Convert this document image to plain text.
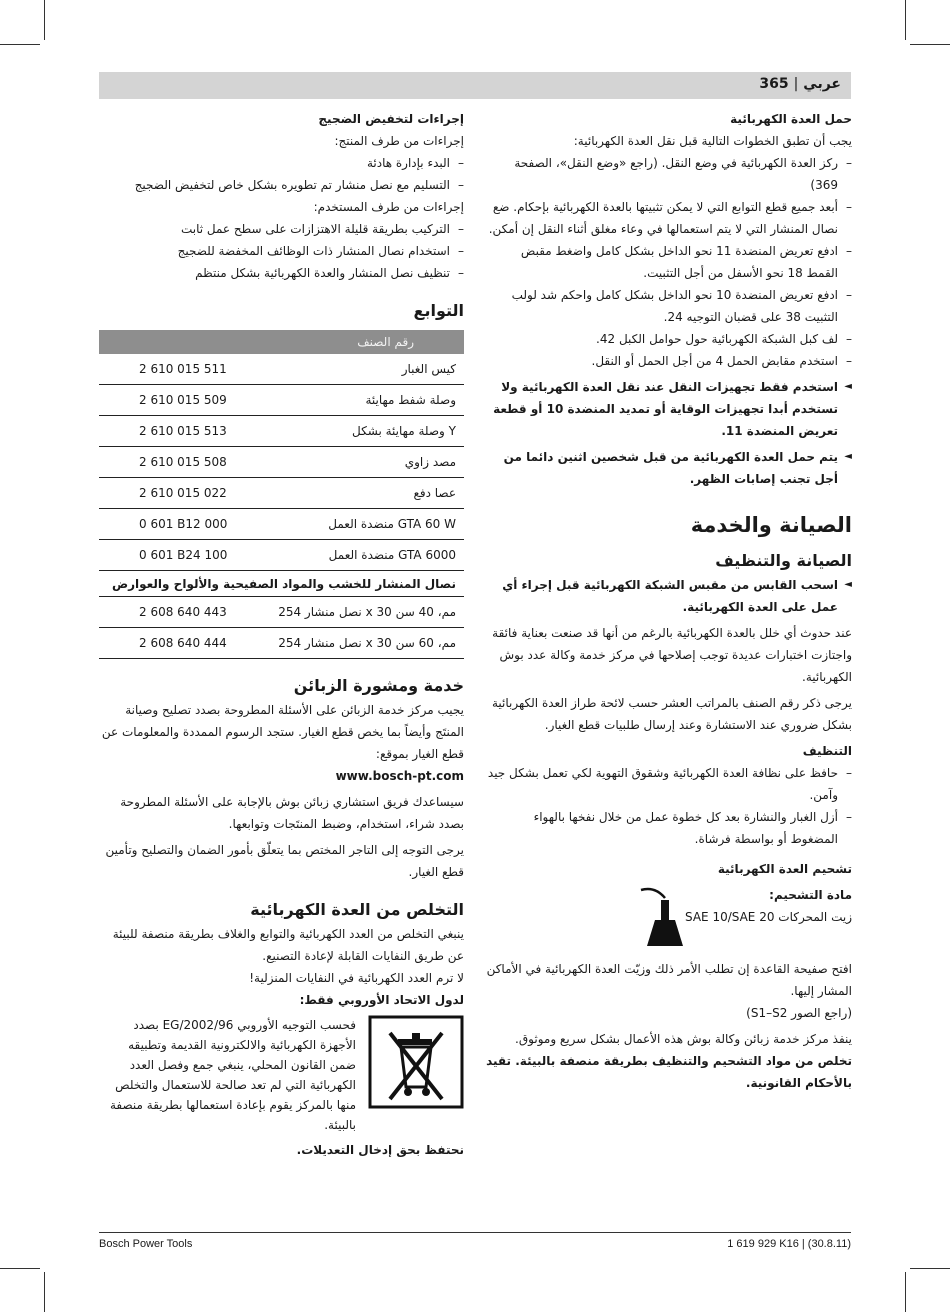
عربي|365
حمل العدة الكهربائية
يجب أن تطبق الخطوات التالية قبل نقل العدة الكهربائية:
– ركز العدة الكهربائية في وضع النقل. (راجع «وضع النقل»، الصفحة 369)
– أبعد جميع قطع التوابع التي لا يمكن تثبيتها بالعدة الكهربائية بإحكام. ضع نصال المنشار التي لا يتم استعمالها في وعاء مغلق أثناء النقل إن أمكن.
– ادفع تعريض المنضدة 11 نحو الداخل بشكل كامل واضغط مقبض القمط 18 نحو الأسفل من أجل التثبيت.
– ادفع تعريض المنضدة 10 نحو الداخل بشكل كامل واحكم شد لولب التثبيت 38 على قضبان التوجيه 24.
– لف كبل الشبكة الكهربائية حول حوامل الكبل 42.
– استخدم مقابض الحمل 4 من أجل الحمل أو النقل.
◄ استخدم فقط تجهيزات النقل عند نقل العدة الكهربائية ولا تستخدم أبدا تجهيزات الوقاية أو تمديد المنضدة 10 أو قطعة تعريض المنضدة 11.
◄ يتم حمل العدة الكهربائية من قبل شخصين اثنين دائما من أجل تجنب إصابات الظهر.
الصيانة والخدمة
الصيانة والتنظيف
◄ اسحب القابس من مقبس الشبكة الكهربائية قبل إجراء أي عمل على العدة الكهربائية.
عند حدوث أي خلل بالعدة الكهربائية بالرغم من أنها قد صنعت بعناية فائقة واجتازت اختبارات عديدة توجب إصلاحها في مركز خدمة وكالة عدد بوش الكهربائية.
يرجى ذكر رقم الصنف بالمراتب العشر حسب لائحة طراز العدة الكهربائية بشكل ضروري عند الاستشارة وعند إرسال طلبيات قطع الغيار.
التنظيف
– حافظ على نظافة العدة الكهربائية وشقوق التهوية لكي تعمل بشكل جيد وآمن.
– أزل الغبار والنشارة بعد كل خطوة عمل من خلال نفخها بالهواء المضغوط أو بواسطة فرشاة.
تشحيم العدة الكهربائية
مادة التشحيم:
زيت المحركات SAE 10/SAE 20
افتح صفيحة القاعدة إن تطلب الأمر ذلك وزيّت العدة الكهربائية في الأماكن المشار إليها.
(راجع الصور S1–S2)
ينفذ مركز خدمة زبائن وكالة بوش هذه الأعمال بشكل سريع وموثوق.
تخلص من مواد التشحيم والتنظيف بطريقة منصفة بالبيئة. تقيد بالأحكام القانونية.
إجراءات لتخفيض الضجيج
إجراءات من طرف المنتج:
– البدء بإدارة هادئة
– التسليم مع نصل منشار تم تطويره بشكل خاص لتخفيض الضجيج
إجراءات من طرف المستخدم:
– التركيب بطريقة قليلة الاهتزازات على سطح عمل ثابت
– استخدام نصال المنشار ذات الوظائف المخفضة للضجيج
– تنظيف نصل المنشار والعدة الكهربائية بشكل منتظم
التوابع
رقم الصنف
2 610 015 511	كيس الغبار
2 610 015 509	وصلة شفط مهايئة
2 610 015 513	وصلة مهايئة بشكل Y
2 610 015 508	مصد زاوي
2 610 015 022	عصا دفع
0 601 B12 000	منضدة العمل GTA 60 W
0 601 B24 100	منضدة العمل GTA 6000
نصال المنشار للخشب والمواد الصفيحية والألواح والعوارض
2 608 640 443	نصل منشار 254 x 30 مم، 40 سن
2 608 640 444	نصل منشار 254 x 30 مم، 60 سن
خدمة ومشورة الزبائن
يجيب مركز خدمة الزبائن على الأسئلة المطروحة بصدد تصليح وصيانة المنتَج وأيضاً بما يخص قطع الغيار. ستجد الرسوم الممددة والمعلومات عن قطع الغيار بموقع:
www.bosch-pt.com
سيساعدك فريق استشاري زبائن بوش بالإجابة على الأسئلة المطروحة بصدد شراء، استخدام، وضبط المنتَجات وتوابعها.
يرجى التوجه إلى التاجر المختص بما يتعلّق بأمور الضمان والتصليح وتأمين قطع الغيار.
التخلص من العدة الكهربائية
ينبغي التخلص من العدد الكهربائية والتوابع والغلاف بطريقة منصفة للبيئة عن طريق النفايات القابلة لإعادة التصنيع.
لا ترم العدد الكهربائية في النفايات المنزلية!
لدول الاتحاد الأوروبي فقط:
فحسب التوجيه الأوروبي 2002/96/EG بصدد الأجهزة الكهربائية والالكترونية القديمة وتطبيقه ضمن القانون المحلي، ينبغي جمع وفصل العدد الكهربائية التي لم تعد صالحة للاستعمال والتخلص منها بالمركز يقوم بإعادة استعمالها بطريقة منصفة بالبيئة.
نحتفظ بحق إدخال التعديلات.
Bosch Power Tools	1 619 929 K16 | (30.8.11)
